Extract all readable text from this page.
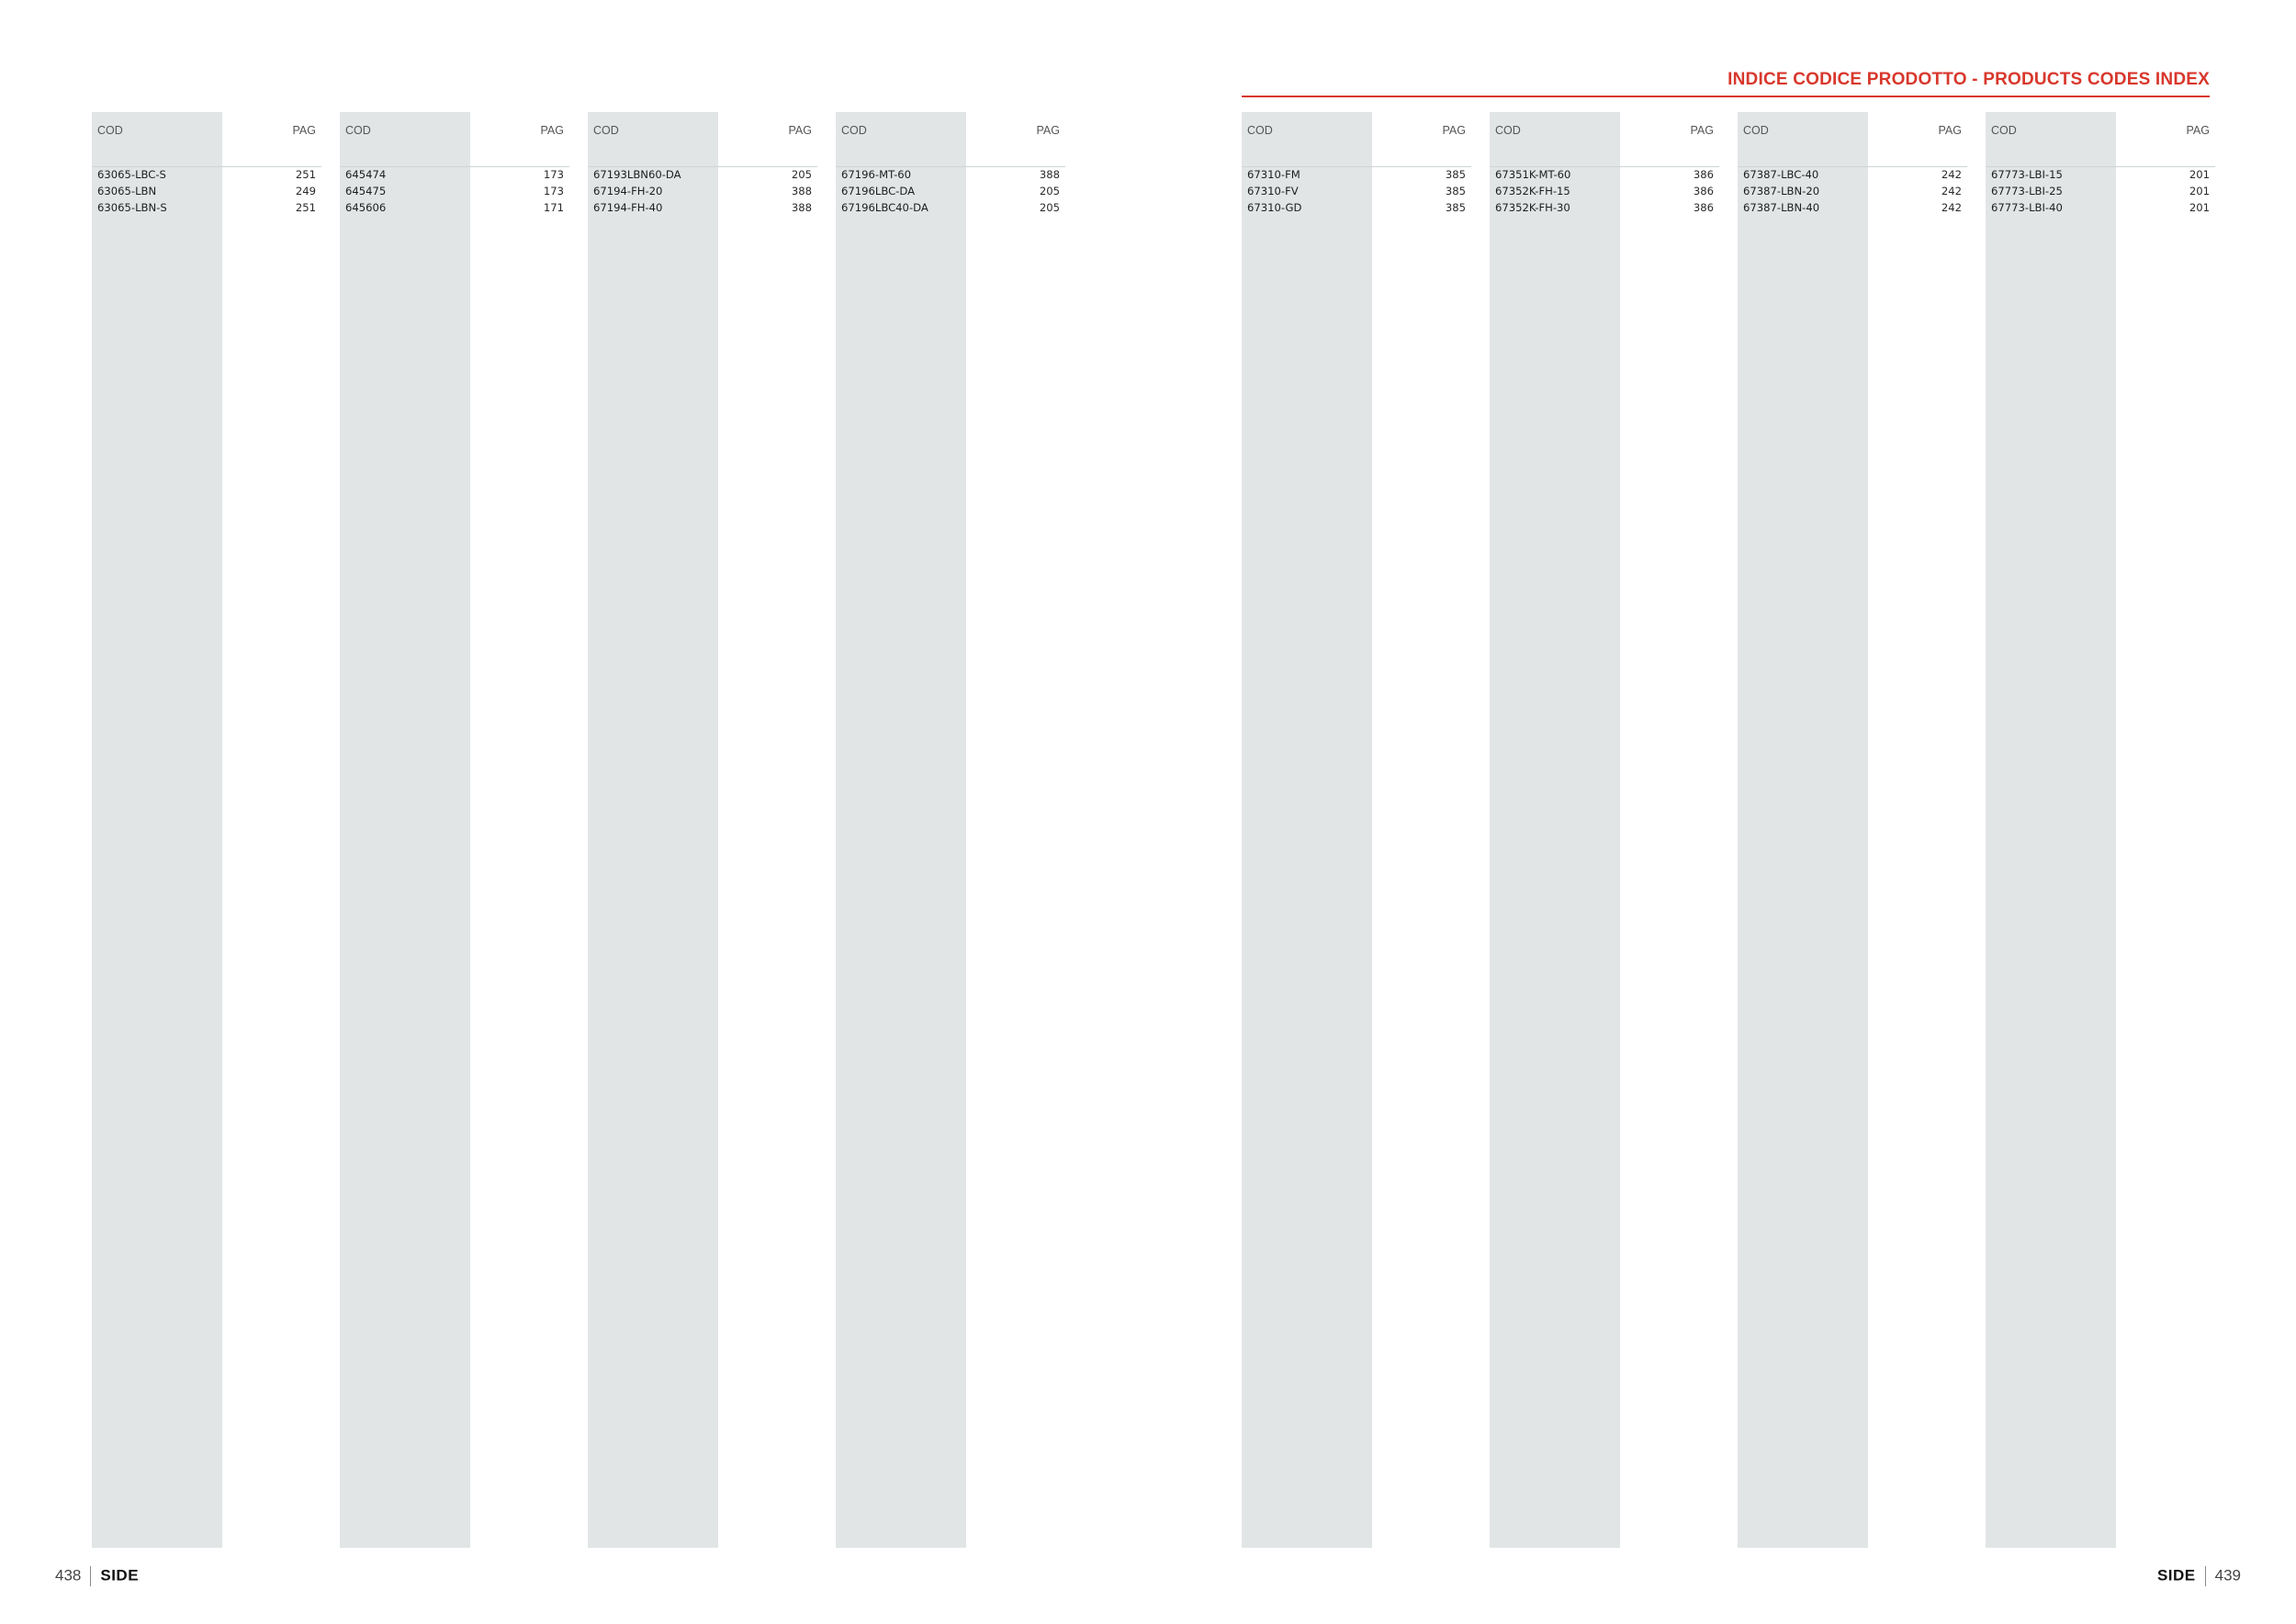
INDICE CODICE PRODOTTO - PRODUCTS CODES INDEX
COD	PAG
63065-LBC-S	251
63065-LBN	249
63065-LBN-S	251
COD	PAG
645474	173
645475	173
645606	171
COD	PAG
67193LBN60-DA	205
67194-FH-20	388
67194-FH-40	388
COD	PAG
67196-MT-60	388
67196LBC-DA	205
67196LBC40-DA	205
COD	PAG
67310-FM	385
67310-FV	385
67310-GD	385
COD	PAG
67351K-MT-60	386
67352K-FH-15	386
67352K-FH-30	386
COD	PAG
67387-LBC-40	242
67387-LBN-20	242
67387-LBN-40	242
COD	PAG
67773-LBI-15	201
67773-LBI-25	201
67773-LBI-40	201
438 SIDE	SIDE 439
